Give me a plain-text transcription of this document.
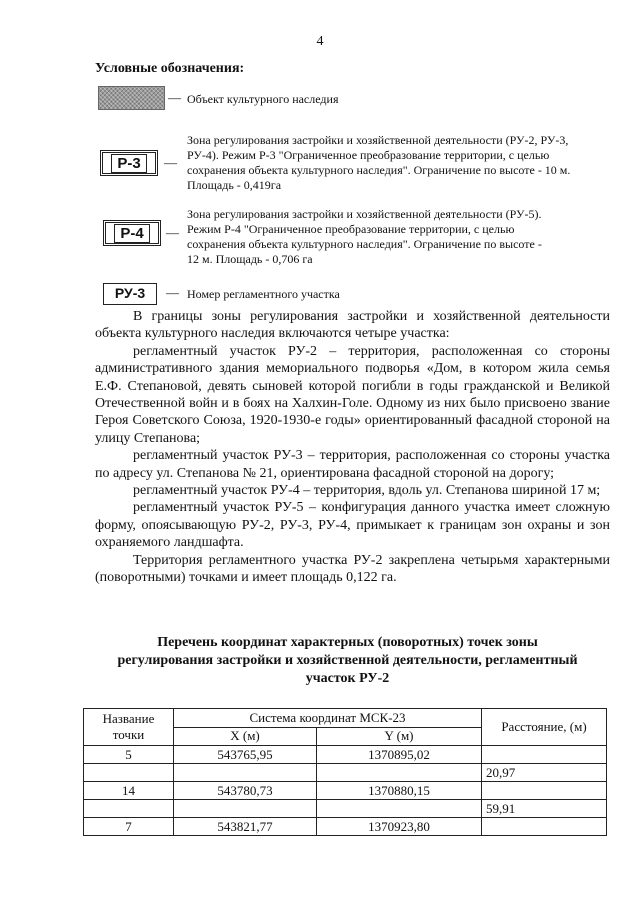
4
Условные обозначения:
— Объект культурного наследия
Р-3	—
Зона регулирования застройки и хозяйственной деятельности (РУ-2, РУ-3,
РУ-4). Режим Р-3 "Ограниченное преобразование территории, с целью
сохранения объекта культурного наследия". Ограничение по высоте - 10 м.
Площадь - 0,419га
Р-4	—
Зона регулирования застройки и хозяйственной деятельности (РУ-5).
Режим Р-4 "Ограниченное преобразование территории, с целью
сохранения объекта культурного наследия". Ограничение по высоте -
12 м. Площадь - 0,706 га
РУ-3	— Номер регламентного участка

В границы зоны регулирования застройки и хозяйственной деятельности объекта культурного наследия включаются четыре участка:

регламентный участок РУ-2 – территория, расположенная со стороны административного здания мемориального подворья «Дом, в котором жила семья Е.Ф. Степановой, девять сыновей которой погибли в годы гражданской и Великой Отечественной войн и в боях на Халхин-Голе. Одному из них было присвоено звание Героя Советского Союза, 1920-1930-е годы» ориентированный фасадной стороной на улицу Степанова;

регламентный участок РУ-3 – территория, расположенная со стороны участка по адресу ул. Степанова № 21, ориентирована фасадной стороной на дорогу;

регламентный участок РУ-4 – территория, вдоль ул. Степанова шириной 17 м;

регламентный участок РУ-5 – конфигурация данного участка имеет сложную форму, опоясывающую РУ-2, РУ-3, РУ-4, примыкает к границам зон охраны и зон охраняемого ландшафта.

Территория регламентного участка РУ-2 закреплена четырьмя характерными (поворотными) точками и имеет площадь 0,122 га.

Перечень координат характерных (поворотных) точек зоны
регулирования застройки и хозяйственной деятельности, регламентный
участок РУ-2
Название точки	Система координат МСК-23		Расстояние, (м)
	X (м)	Y (м)	
5	543765,95	1370895,02	
			20,97
14	543780,73	1370880,15	
			59,91
7	543821,77	1370923,80	
